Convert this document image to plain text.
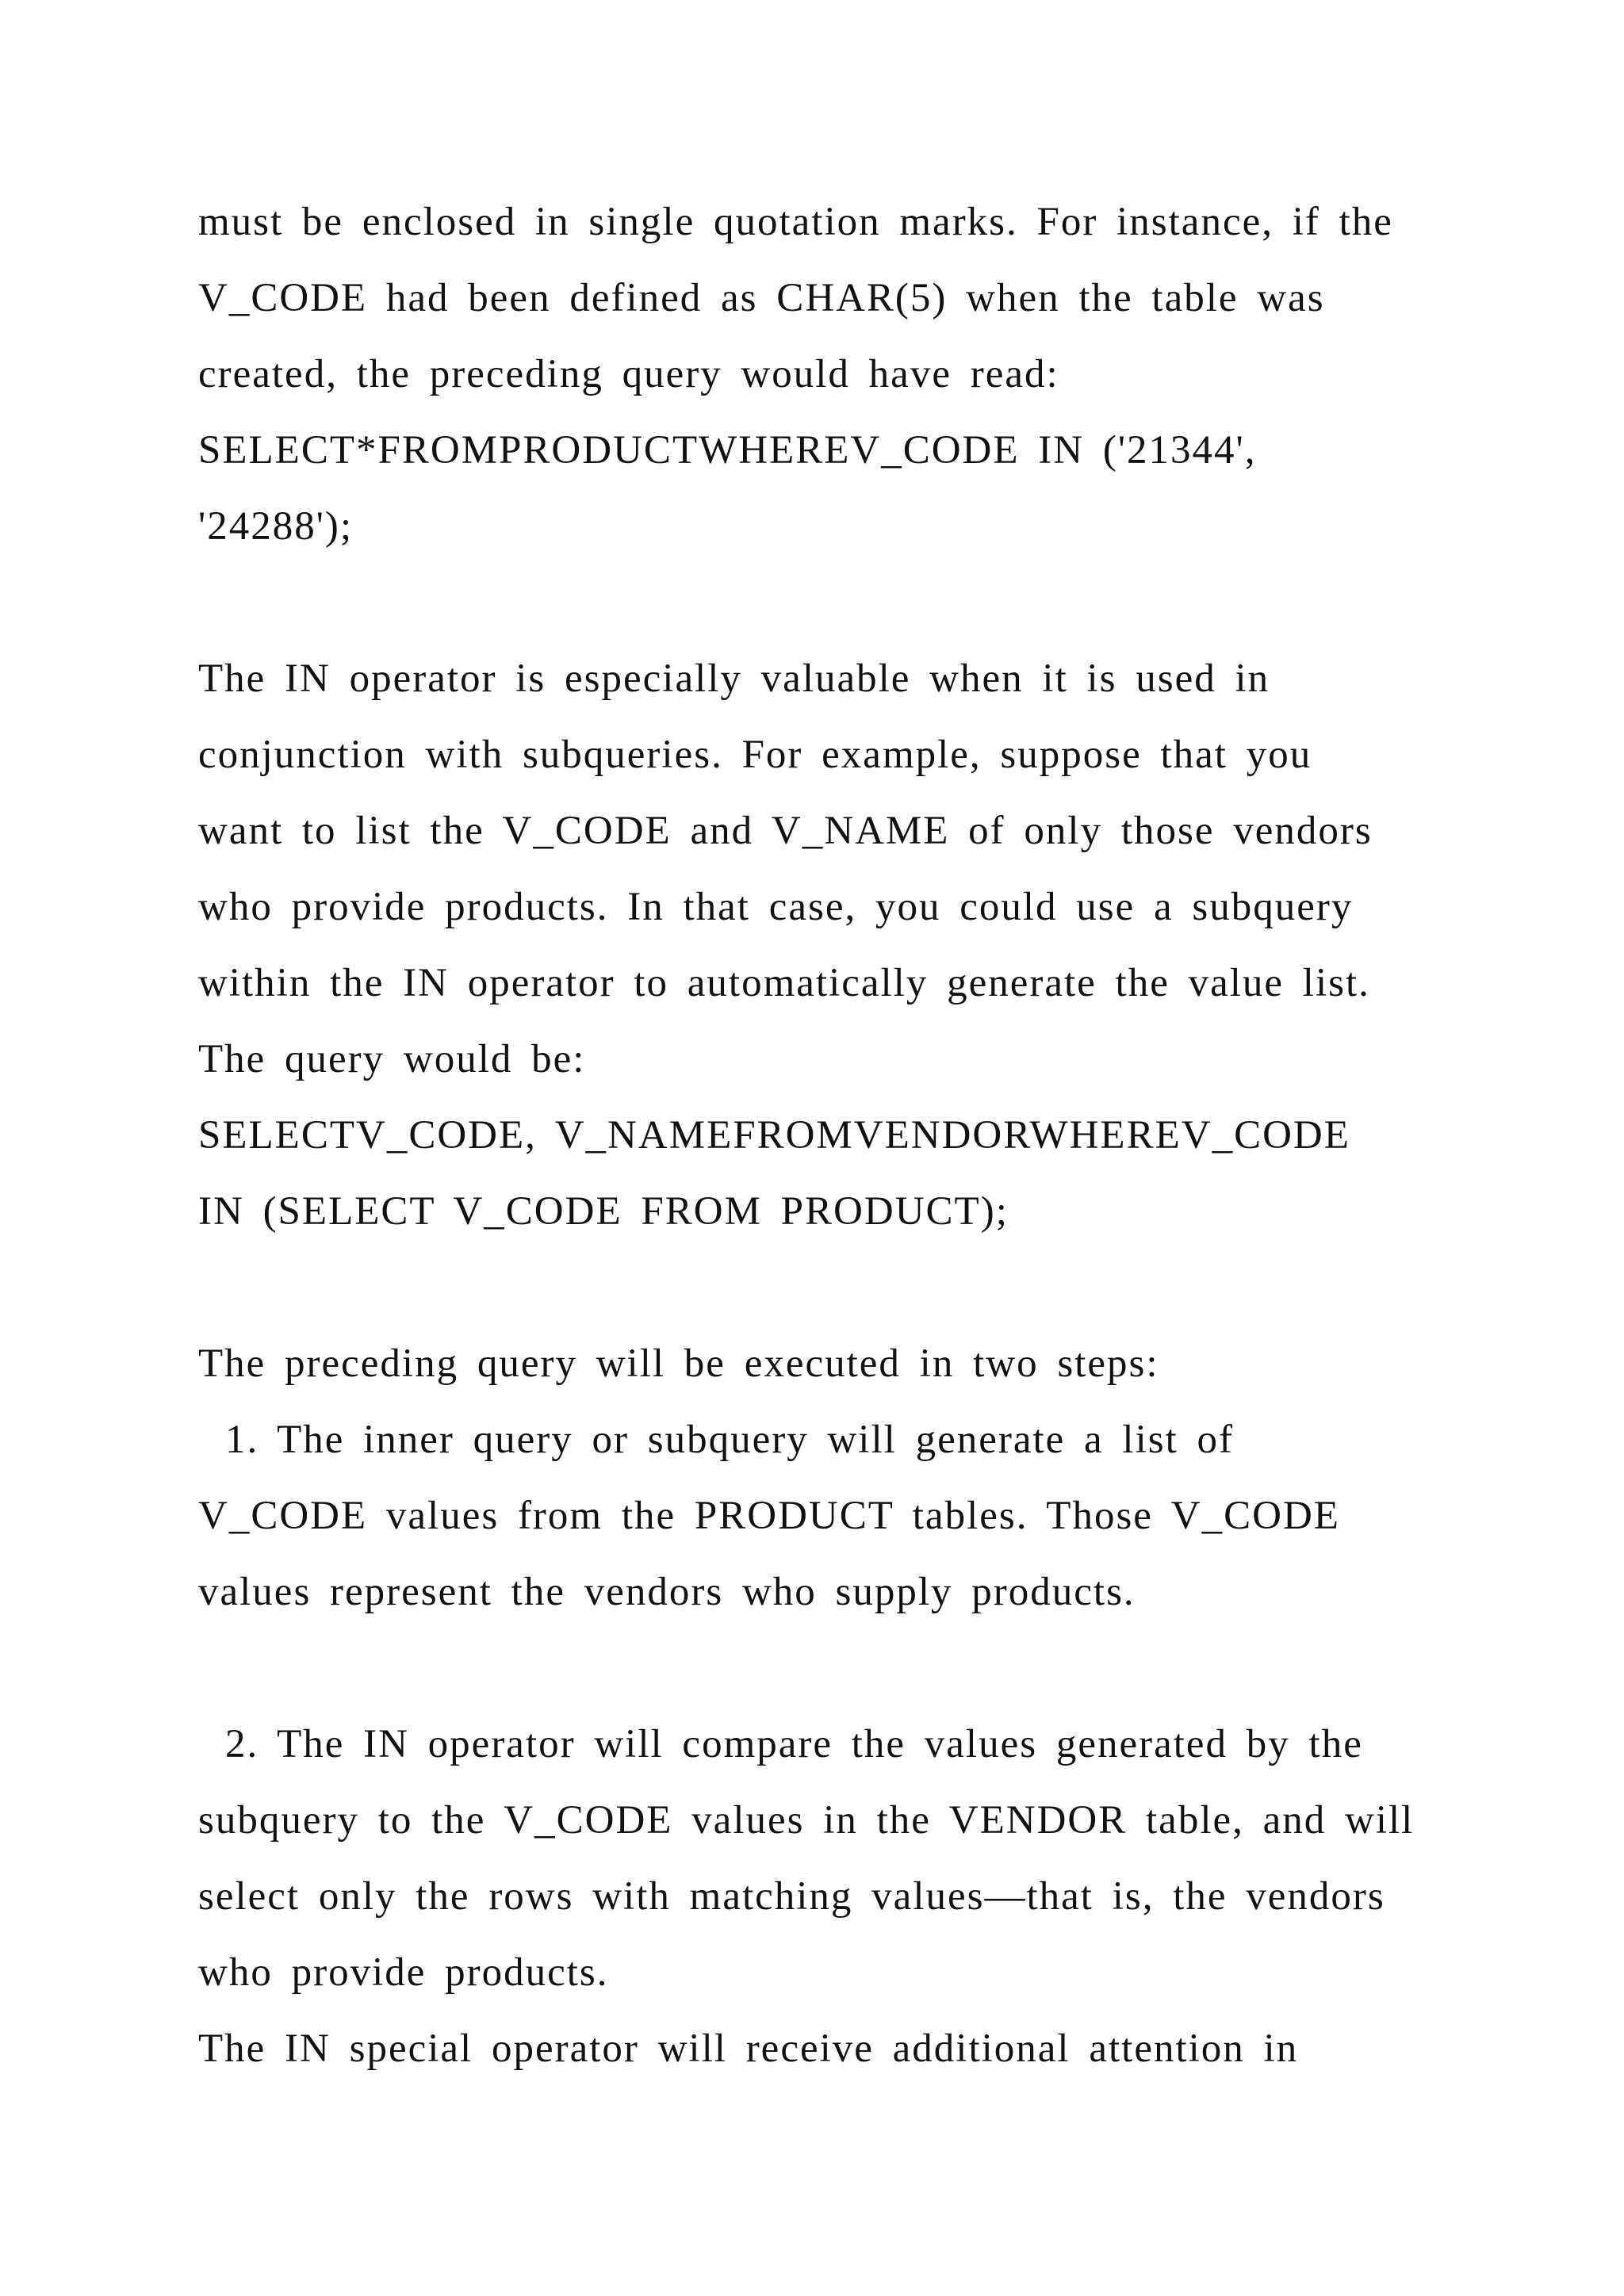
must be enclosed in single quotation marks. For instance, if the
V_CODE had been defined as CHAR(5) when the table was
created, the preceding query would have read:
SELECT*FROMPRODUCTWHEREV_CODE IN ('21344',
'24288');
The IN operator is especially valuable when it is used in
conjunction with subqueries. For example, suppose that you
want to list the V_CODE and V_NAME of only those vendors
who provide products. In that case, you could use a subquery
within the IN operator to automatically generate the value list.
The query would be:
SELECTV_CODE, V_NAMEFROMVENDORWHEREV_CODE
IN (SELECT V_CODE FROM PRODUCT);
The preceding query will be executed in two steps:
1. The inner query or subquery will generate a list of
V_CODE values from the PRODUCT tables. Those V_CODE
values represent the vendors who supply products.
2. The IN operator will compare the values generated by the
subquery to the V_CODE values in the VENDOR table, and will
select only the rows with matching values—that is, the vendors
who provide products.
The IN special operator will receive additional attention in
